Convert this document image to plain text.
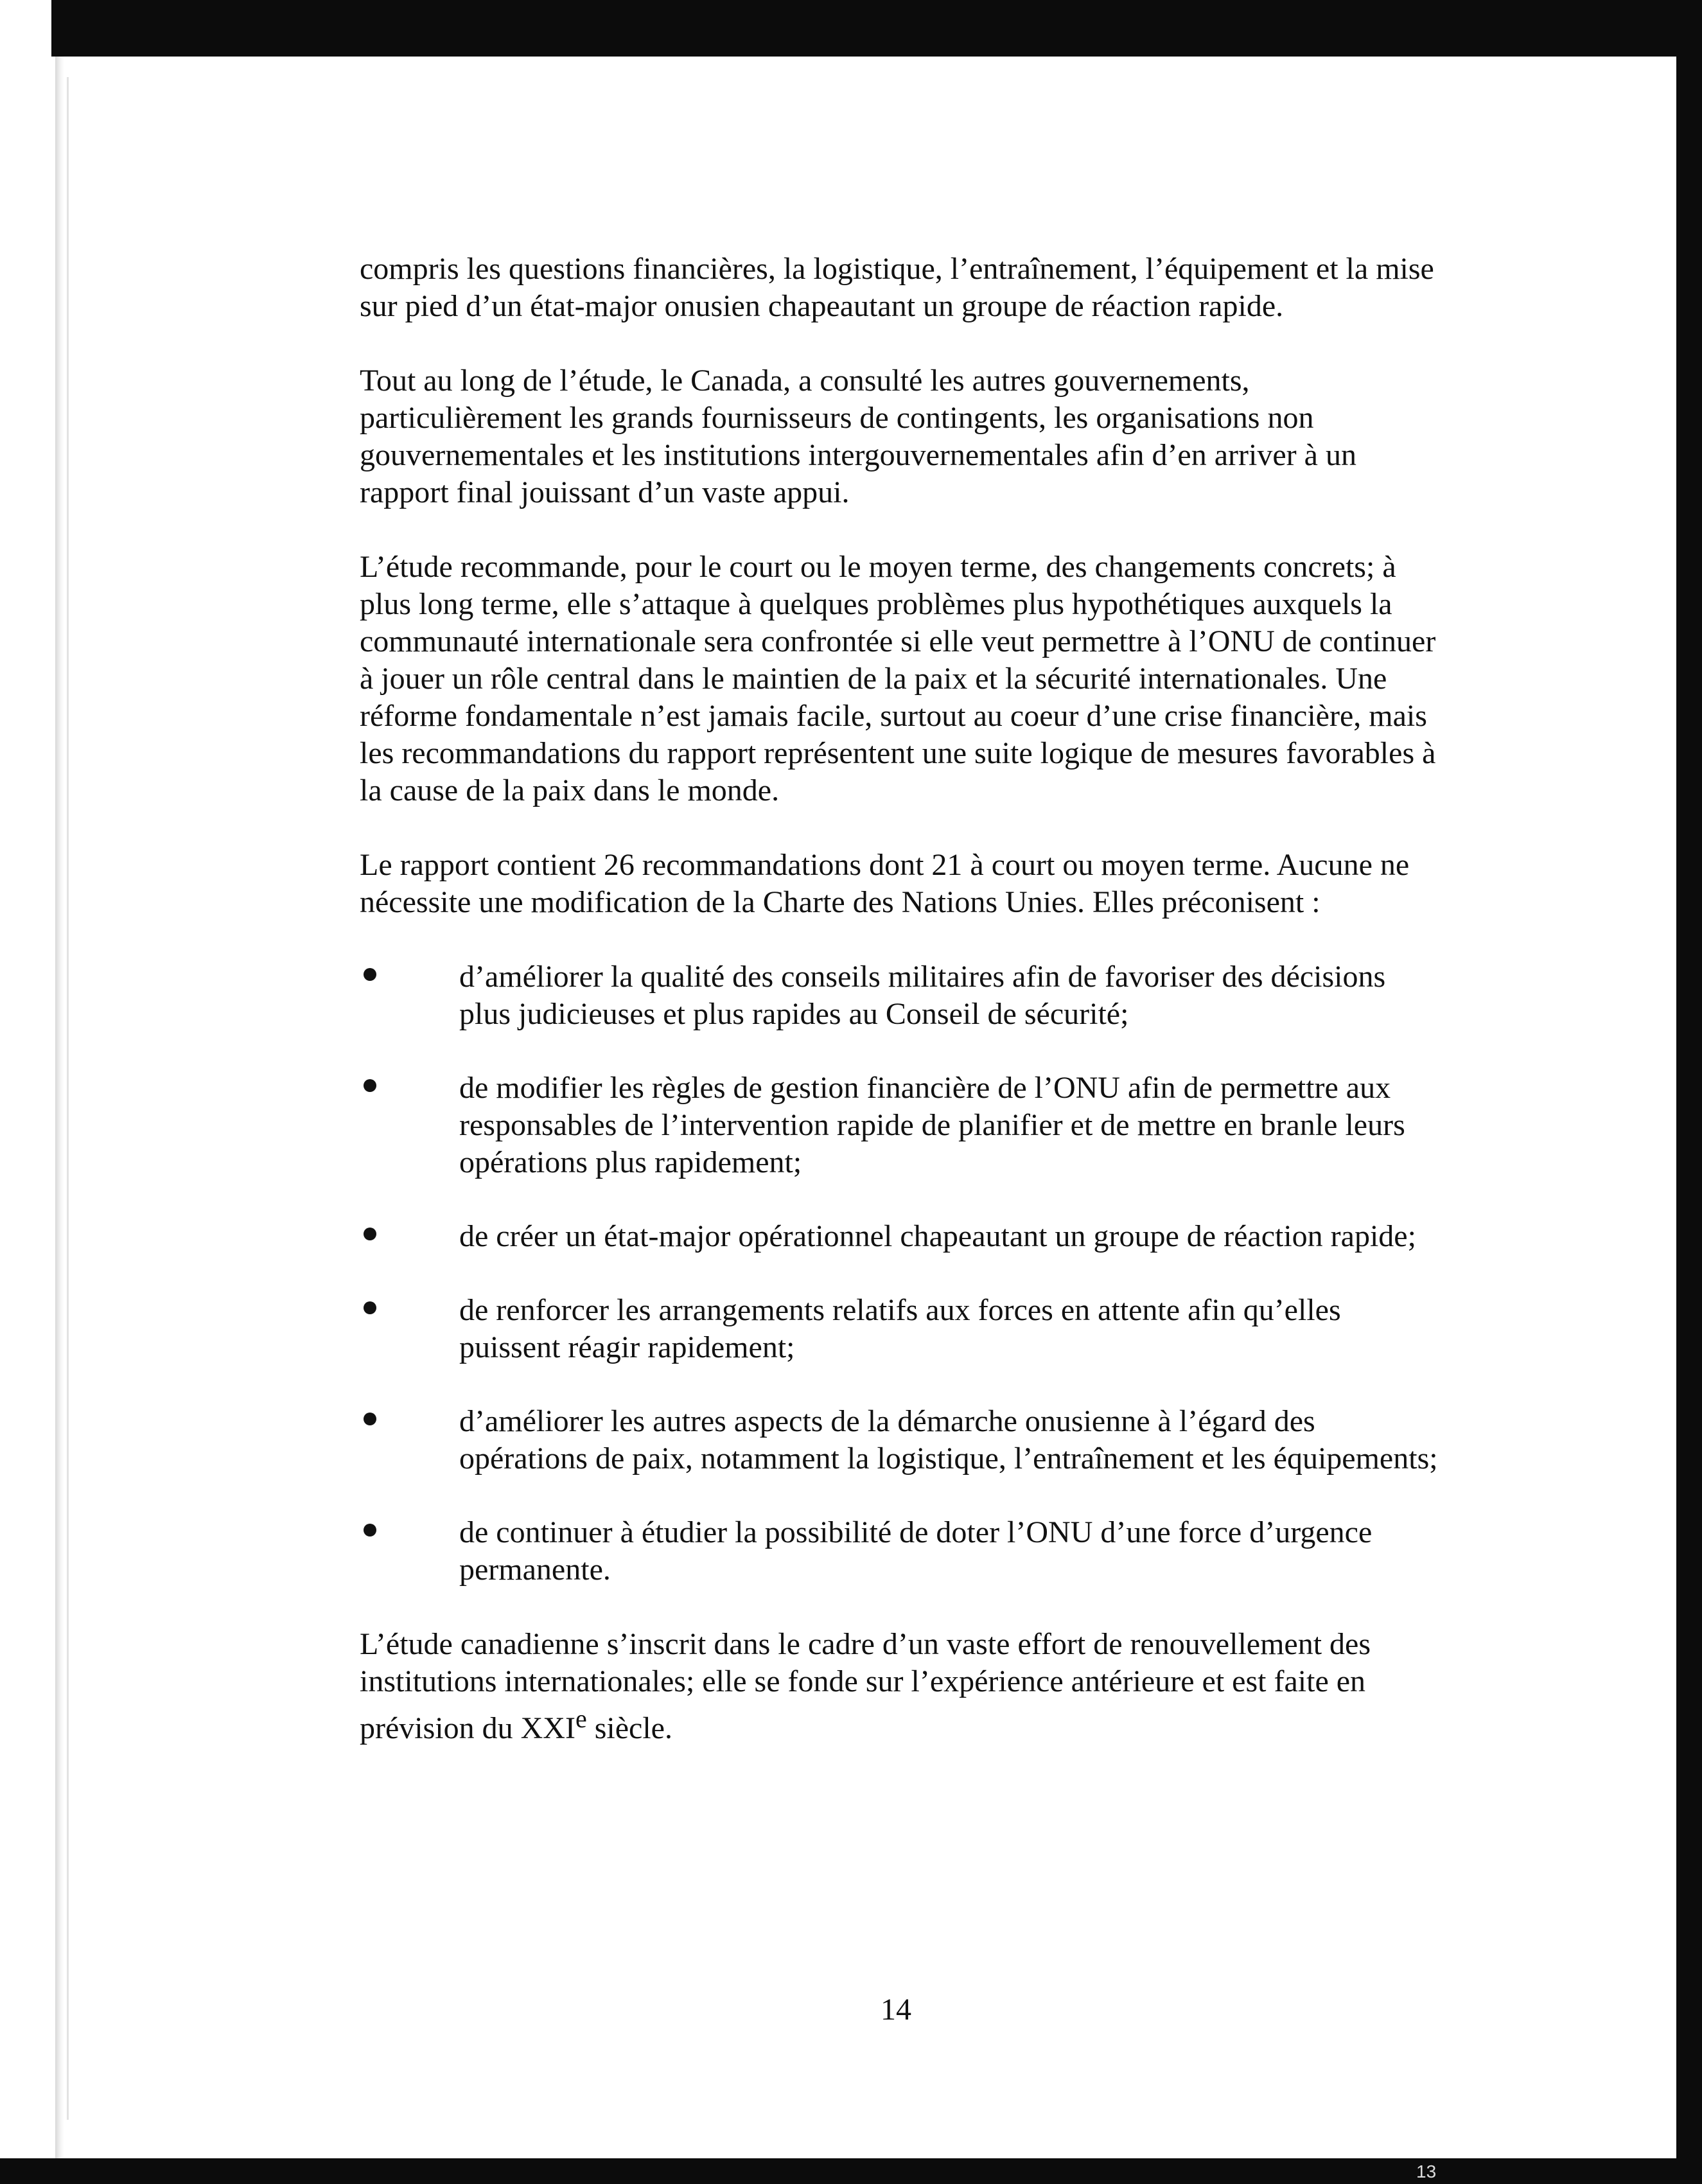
compris les questions financières, la logistique, l’entraînement, l’équipement et la mise sur pied d’un état-major onusien chapeautant un groupe de réaction rapide.

Tout au long de l’étude, le Canada, a consulté les autres gouvernements, particulièrement les grands fournisseurs de contingents, les organisations non gouvernementales et les institutions intergouvernementales afin d’en arriver à un rapport final jouissant d’un vaste appui.

L’étude recommande, pour le court ou le moyen terme, des changements concrets; à plus long terme, elle s’attaque à quelques problèmes plus hypothétiques auxquels la communauté internationale sera confrontée si elle veut permettre à l’ONU de continuer à jouer un rôle central dans le maintien de la paix et la sécurité internationales. Une réforme fondamentale n’est jamais facile, surtout au coeur d’une crise financière, mais les recommandations du rapport représentent une suite logique de mesures favorables à la cause de la paix dans le monde.

Le rapport contient 26 recommandations dont 21 à court ou moyen terme. Aucune ne nécessite une modification de la Charte des Nations Unies. Elles préconisent :

d’améliorer la qualité des conseils militaires afin de favoriser des décisions plus judicieuses et plus rapides au Conseil de sécurité;
de modifier les règles de gestion financière de l’ONU afin de permettre aux responsables de l’intervention rapide de planifier et de mettre en branle leurs opérations plus rapidement;
de créer un état-major opérationnel chapeautant un groupe de réaction rapide;
de renforcer les arrangements relatifs aux forces en attente afin qu’elles puissent réagir rapidement;
d’améliorer les autres aspects de la démarche onusienne à l’égard des opérations de paix, notamment la logistique, l’entraînement et les équipements;
de continuer à étudier la possibilité de doter l’ONU d’une force d’urgence permanente.

L’étude canadienne s’inscrit dans le cadre d’un vaste effort de renouvellement des institutions internationales; elle se fonde sur l’expérience antérieure et est faite en prévision du XXIe siècle.

14
13
